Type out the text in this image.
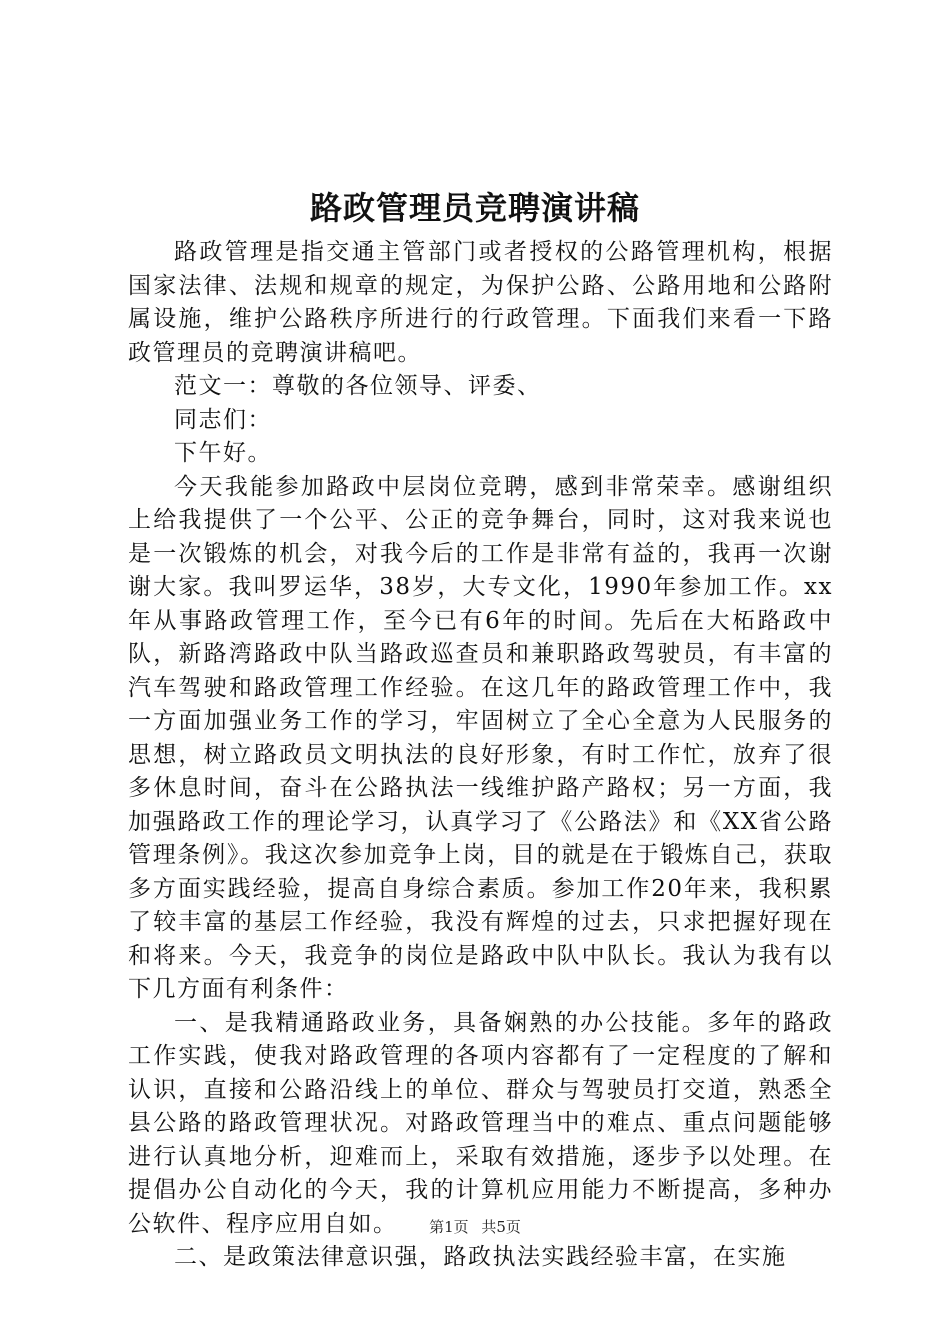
路政管理员竞聘演讲稿

路政管理是指交通主管部门或者授权的公路管理机构，根据国家法律、法规和规章的规定，为保护公路、公路用地和公路附属设施，维护公路秩序所进行的行政管理。下面我们来看一下路政管理员的竞聘演讲稿吧。

范文一：尊敬的各位领导、评委、

同志们：

下午好。

今天我能参加路政中层岗位竞聘，感到非常荣幸。感谢组织上给我提供了一个公平、公正的竞争舞台，同时，这对我来说也是一次锻炼的机会，对我今后的工作是非常有益的，我再一次谢谢大家。我叫罗运华，38岁，大专文化，1990年参加工作。xx年从事路政管理工作，至今已有6年的时间。先后在大柘路政中队，新路湾路政中队当路政巡查员和兼职路政驾驶员，有丰富的汽车驾驶和路政管理工作经验。在这几年的路政管理工作中，我一方面加强业务工作的学习，牢固树立了全心全意为人民服务的思想，树立路政员文明执法的良好形象，有时工作忙，放弃了很多休息时间，奋斗在公路执法一线维护路产路权；另一方面，我加强路政工作的理论学习，认真学习了《公路法》和《XX省公路管理条例》。我这次参加竞争上岗，目的就是在于锻炼自己，获取多方面实践经验，提高自身综合素质。参加工作20年来，我积累了较丰富的基层工作经验，我没有辉煌的过去，只求把握好现在和将来。今天，我竞争的岗位是路政中队中队长。我认为我有以下几方面有利条件：

一、是我精通路政业务，具备娴熟的办公技能。多年的路政工作实践，使我对路政管理的各项内容都有了一定程度的了解和认识，直接和公路沿线上的单位、群众与驾驶员打交道，熟悉全县公路的路政管理状况。对路政管理当中的难点、重点问题能够进行认真地分析，迎难而上，采取有效措施，逐步予以处理。在提倡办公自动化的今天，我的计算机应用能力不断提高，多种办公软件、程序应用自如。

二、是政策法律意识强，路政执法实践经验丰富，在实施

第1页 共5页
